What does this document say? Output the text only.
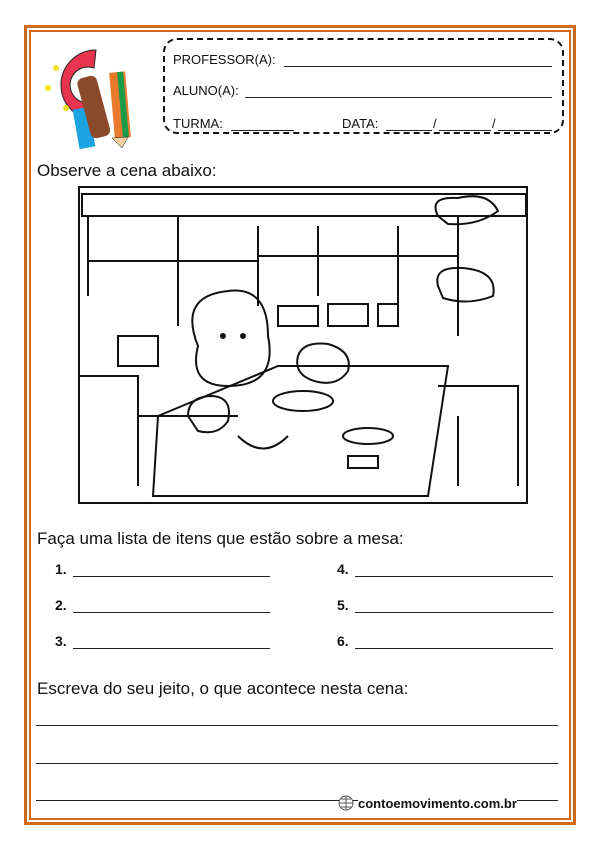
PROFESSOR(A):
ALUNO(A):
TURMA:	DATA:	/	/
Observe a cena abaixo:
Faça uma lista de itens que estão sobre a mesa:
1.
2.
3.
4.
5.
6.
Escreva do seu jeito, o que acontece nesta cena:
contoemovimento.com.br
